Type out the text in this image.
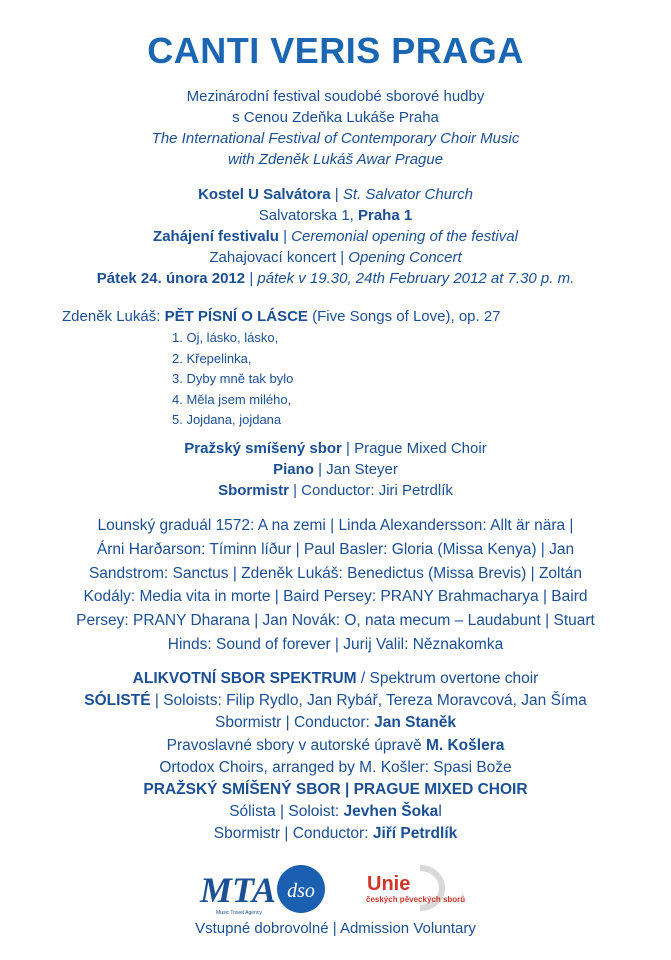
CANTI VERIS PRAGA
Mezinárodní festival soudobé sborové hudby
s Cenou Zdeňka Lukáše Praha
The International Festival of Contemporary Choir Music
with Zdeněk Lukáš Awar Prague
Kostel U Salvátora | St. Salvator Church
Salvatorska 1, Praha 1
Zahájení festivalu | Ceremonial opening of the festival
Zahajovací koncert | Opening Concert
Pátek 24. února 2012 | pátek v 19.30, 24th February 2012 at 7.30 p. m.
Zdeněk Lukáš: PĚT PÍSNÍ O LÁSCE (Five Songs of Love), op. 27
1. Oj, lásko, lásko,
2. Křepelinka,
3. Dyby mně tak bylo
4. Měla jsem milého,
5. Jojdana, jojdana
Pražský smíšený sbor | Prague Mixed Choir
Piano | Jan Steyer
Sbormistr | Conductor: Jiri Petrdlík
Lounský graduál 1572: A na zemi | Linda Alexandersson: Allt är nära |
Árni Harðarson: Tíminn líður | Paul Basler: Gloria (Missa Kenya) | Jan
Sandstrom: Sanctus | Zdeněk Lukáš: Benedictus (Missa Brevis) | Zoltán
Kodály: Media vita in morte | Baird Persey: PRANY Brahmacharya | Baird
Persey: PRANY Dharana | Jan Novák: O, nata mecum – Laudabunt | Stuart
Hinds: Sound of forever | Jurij Valil: Něznakomka
ALIKVOTNÍ SBOR SPEKTRUM / Spektrum overtone choir
SÓLISTÉ | Soloists: Filip Rydlo, Jan Rybář, Tereza Moravcová, Jan Šíma
Sbormistr | Conductor: Jan Staněk
Pravoslavné sbory v autorské úpravě M. Košlera
Ortodox Choirs, arranged by M. Košler: Spasi Bože
PRAŽSKÝ SMÍŠENÝ SBOR | PRAGUE MIXED CHOIR
Sólista | Soloist: Jevhen Šokal
Sbormistr | Conductor: Jiří Petrdlík
MTA
Music Travel Agency
dso	Unie
českých pěveckých sborů
Vstupné dobrovolné | Admission Voluntary
